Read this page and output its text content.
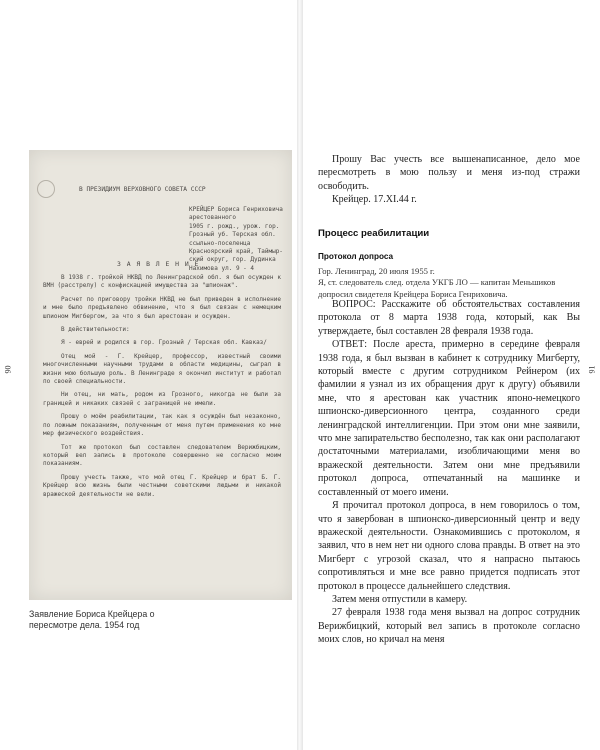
90
В ПРЕЗИДИУМ ВЕРХОВНОГО СОВЕТА СССР
КРЕЙЦЕР Бориса Генриховича
арестованного
1905 г. рожд., урож. гор.
Грозный уб. Терская обл.
ссыльно-поселенца
Красноярский край, Таймыр-
ский округ, гор. Дудинка
Нахимова ул. 9 - 4
З А Я В Л Е Н И Е

В 1938 г. тройкой НКВД по Ленинградской обл. я был осужден к ВМН (расстрелу) с конфискацией имущества за "шпионаж".

Расчет по приговору тройки НКВД не был приведен в исполнение и мне было предъявлено обвинение, что я был связан с немецким шпионом Мигбергом, за что я был арестован и осужден.

В действительности:

Я - еврей и родился в гор. Грозный / Терская обл. Кавказ/

Отец мой - Г. Крейцер, профессор, известный своими многочисленными научными трудами в области медицины, сыграл в жизни мою большую роль. В Ленинграде я окончил институт и работал по своей специальности.

Ни отец, ни мать, родом из Грозного, никогда не были за границей и никаких связей с заграницей не имели.

Прошу о моём реабилитации, так как я осуждён был незаконно, по ложным показаниям, полученным от меня путем применения ко мне мер физического воздействия.

Тот же протокол был составлен следователем Верижбицким, который вел запись в протоколе совершенно не согласно моим показаниям.

Прошу учесть также, что мой отец Г. Крейцер и брат Б. Г. Крейцер всю жизнь были честными советскими людьми и никакой вражеской деятельности не вели.

Заявление Бориса Крейцера о пересмотре дела. 1954 год
91

Прошу Вас учесть все вышенаписанное, дело мое пересмотреть в мою пользу и меня из-под стражи освободить.

Крейцер. 17.XI.44 г.

Процесс реабилитации
Протокол допроса

Гор. Ленинград, 20 июля 1955 г.

Я, ст. следователь след. отдела УКГБ ЛО — капитан Меньшиков допросил свидетеля Крейцера Бориса Генриховича.

ВОПРОС: Расскажите об обстоятельствах составления протокола от 8 марта 1938 года, который, как Вы утверждаете, был составлен 28 февраля 1938 года.

ОТВЕТ: После ареста, примерно в середине февраля 1938 года, я был вызван в кабинет к сотруднику Мигберту, который вместе с другим сотрудником Рейнером (их фамилии я узнал из их обращения друг к другу) объявили мне, что я арестован как участник японо-немецкого шпионско-диверсионного центра, созданного среди ленинградской интеллигенции. При этом они мне заявили, что мне запирательство бесполезно, так как они располагают достаточными материалами, изобличающими меня во вражеской деятельности. Затем они мне предъявили протокол допроса, отпечатанный на машинке и составленный от моего имени.

Я прочитал протокол допроса, в нем говорилось о том, что я завербован в шпионско-диверсионный центр и веду вражеской деятельности. Ознакомившись с протоколом, я заявил, что в нем нет ни одного слова правды. В ответ на это Мигберт с угрозой сказал, что я напрасно пытаюсь сопротивляться и мне все равно придется подписать этот протокол в процессе дальнейшего следствия.

Затем меня отпустили в камеру.

27 февраля 1938 года меня вызвал на допрос сотрудник Верижбицкий, который вел запись в протоколе согласно моих слов, но кричал на меня
